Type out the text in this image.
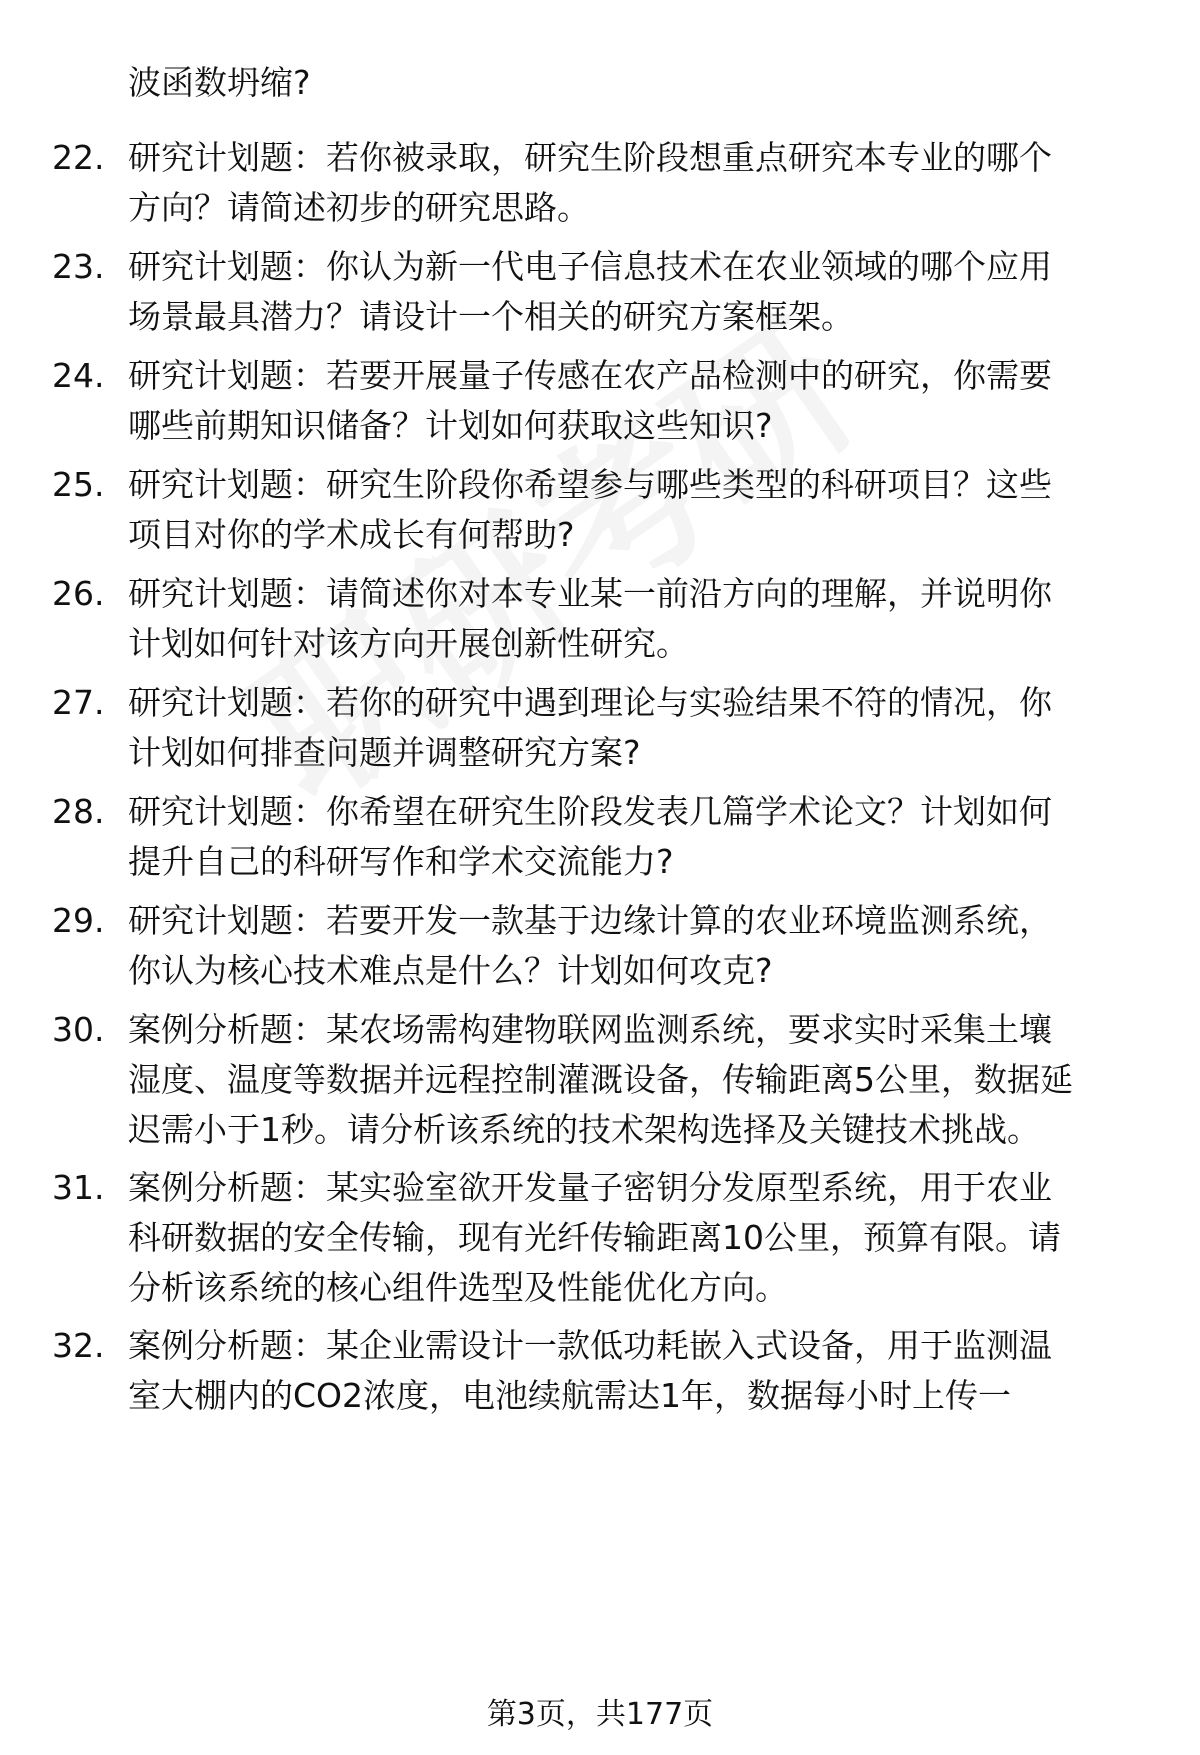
波函数坍缩?
22. 研究计划题：若你被录取，研究生阶段想重点研究本专业的哪个
方向？请简述初步的研究思路。
23. 研究计划题：你认为新一代电子信息技术在农业领域的哪个应用
场景最具潜力？请设计一个相关的研究方案框架。
24. 研究计划题：若要开展量子传感在农产品检测中的研究，你需要
哪些前期知识储备？计划如何获取这些知识?
25. 研究计划题：研究生阶段你希望参与哪些类型的科研项目？这些
项目对你的学术成长有何帮助?
26. 研究计划题：请简述你对本专业某一前沿方向的理解，并说明你
计划如何针对该方向开展创新性研究。
27. 研究计划题：若你的研究中遇到理论与实验结果不符的情况，你
计划如何排查问题并调整研究方案?
28. 研究计划题：你希望在研究生阶段发表几篇学术论文？计划如何
提升自己的科研写作和学术交流能力?
29. 研究计划题：若要开发一款基于边缘计算的农业环境监测系统，
你认为核心技术难点是什么？计划如何攻克?
30. 案例分析题：某农场需构建物联网监测系统，要求实时采集土壤
湿度、温度等数据并远程控制灌溉设备，传输距离5公里，数据延
迟需小于1秒。请分析该系统的技术架构选择及关键技术挑战。
31. 案例分析题：某实验室欲开发量子密钥分发原型系统，用于农业
科研数据的安全传输，现有光纤传输距离10公里，预算有限。请
分析该系统的核心组件选型及性能优化方向。
32. 案例分析题：某企业需设计一款低功耗嵌入式设备，用于监测温
室大棚内的CO2浓度，电池续航需达1年，数据每小时上传一
第3页，共177页
